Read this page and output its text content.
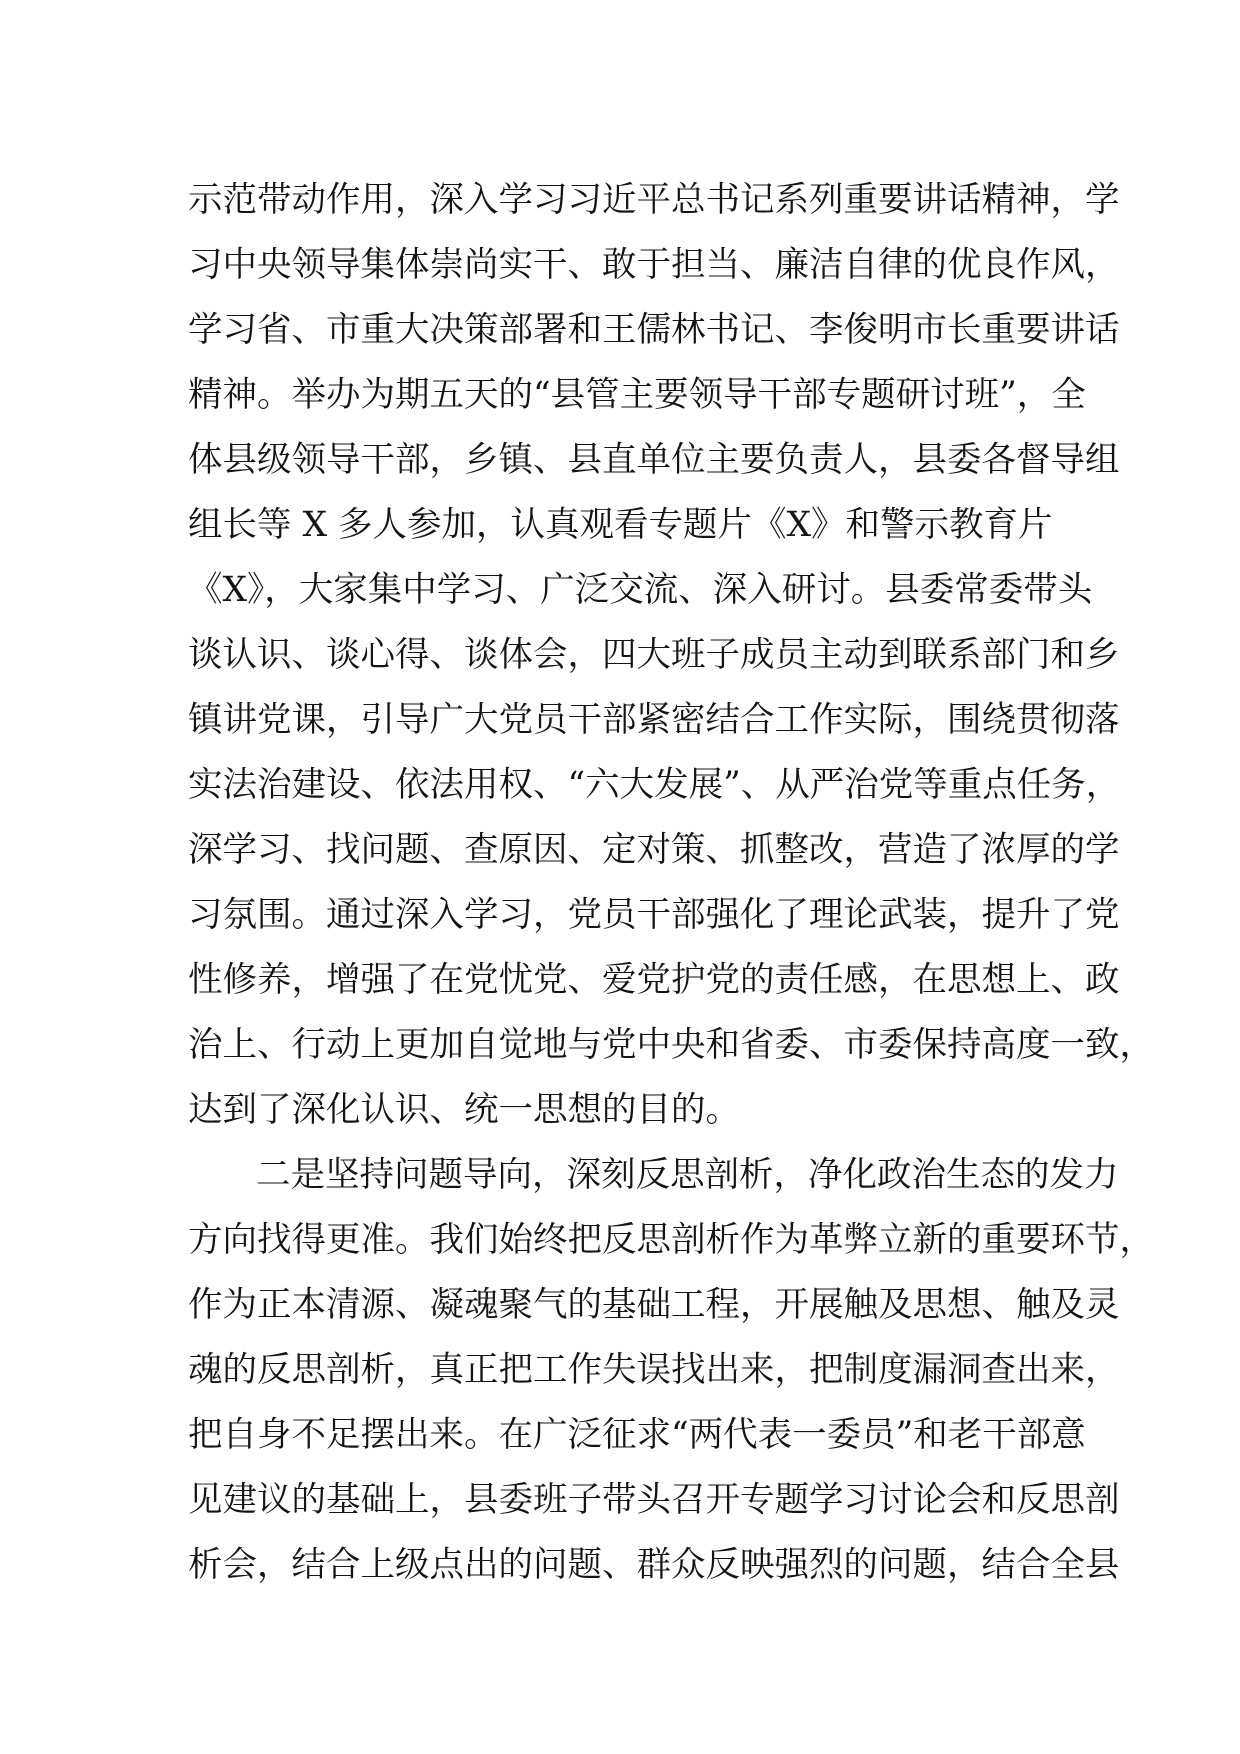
示范带动作用，深入学习习近平总书记系列重要讲话精神，学
习中央领导集体崇尚实干、敢于担当、廉洁自律的优良作风，
学习省、市重大决策部署和王儒林书记、李俊明市长重要讲话
精神。举办为期五天的“县管主要领导干部专题研讨班”，全
体县级领导干部，乡镇、县直单位主要负责人，县委各督导组
组长等 X 多人参加，认真观看专题片《X》和警示教育片
《X》，大家集中学习、广泛交流、深入研讨。县委常委带头
谈认识、谈心得、谈体会，四大班子成员主动到联系部门和乡
镇讲党课，引导广大党员干部紧密结合工作实际，围绕贯彻落
实法治建设、依法用权、“六大发展”、从严治党等重点任务，
深学习、找问题、查原因、定对策、抓整改，营造了浓厚的学
习氛围。通过深入学习，党员干部强化了理论武装，提升了党
性修养，增强了在党忧党、爱党护党的责任感，在思想上、政
治上、行动上更加自觉地与党中央和省委、市委保持高度一致，
达到了深化认识、统一思想的目的。
二是坚持问题导向，深刻反思剖析，净化政治生态的发力
方向找得更准。我们始终把反思剖析作为革弊立新的重要环节，
作为正本清源、凝魂聚气的基础工程，开展触及思想、触及灵
魂的反思剖析，真正把工作失误找出来，把制度漏洞查出来，
把自身不足摆出来。在广泛征求“两代表一委员”和老干部意
见建议的基础上，县委班子带头召开专题学习讨论会和反思剖
析会，结合上级点出的问题、群众反映强烈的问题，结合全县
